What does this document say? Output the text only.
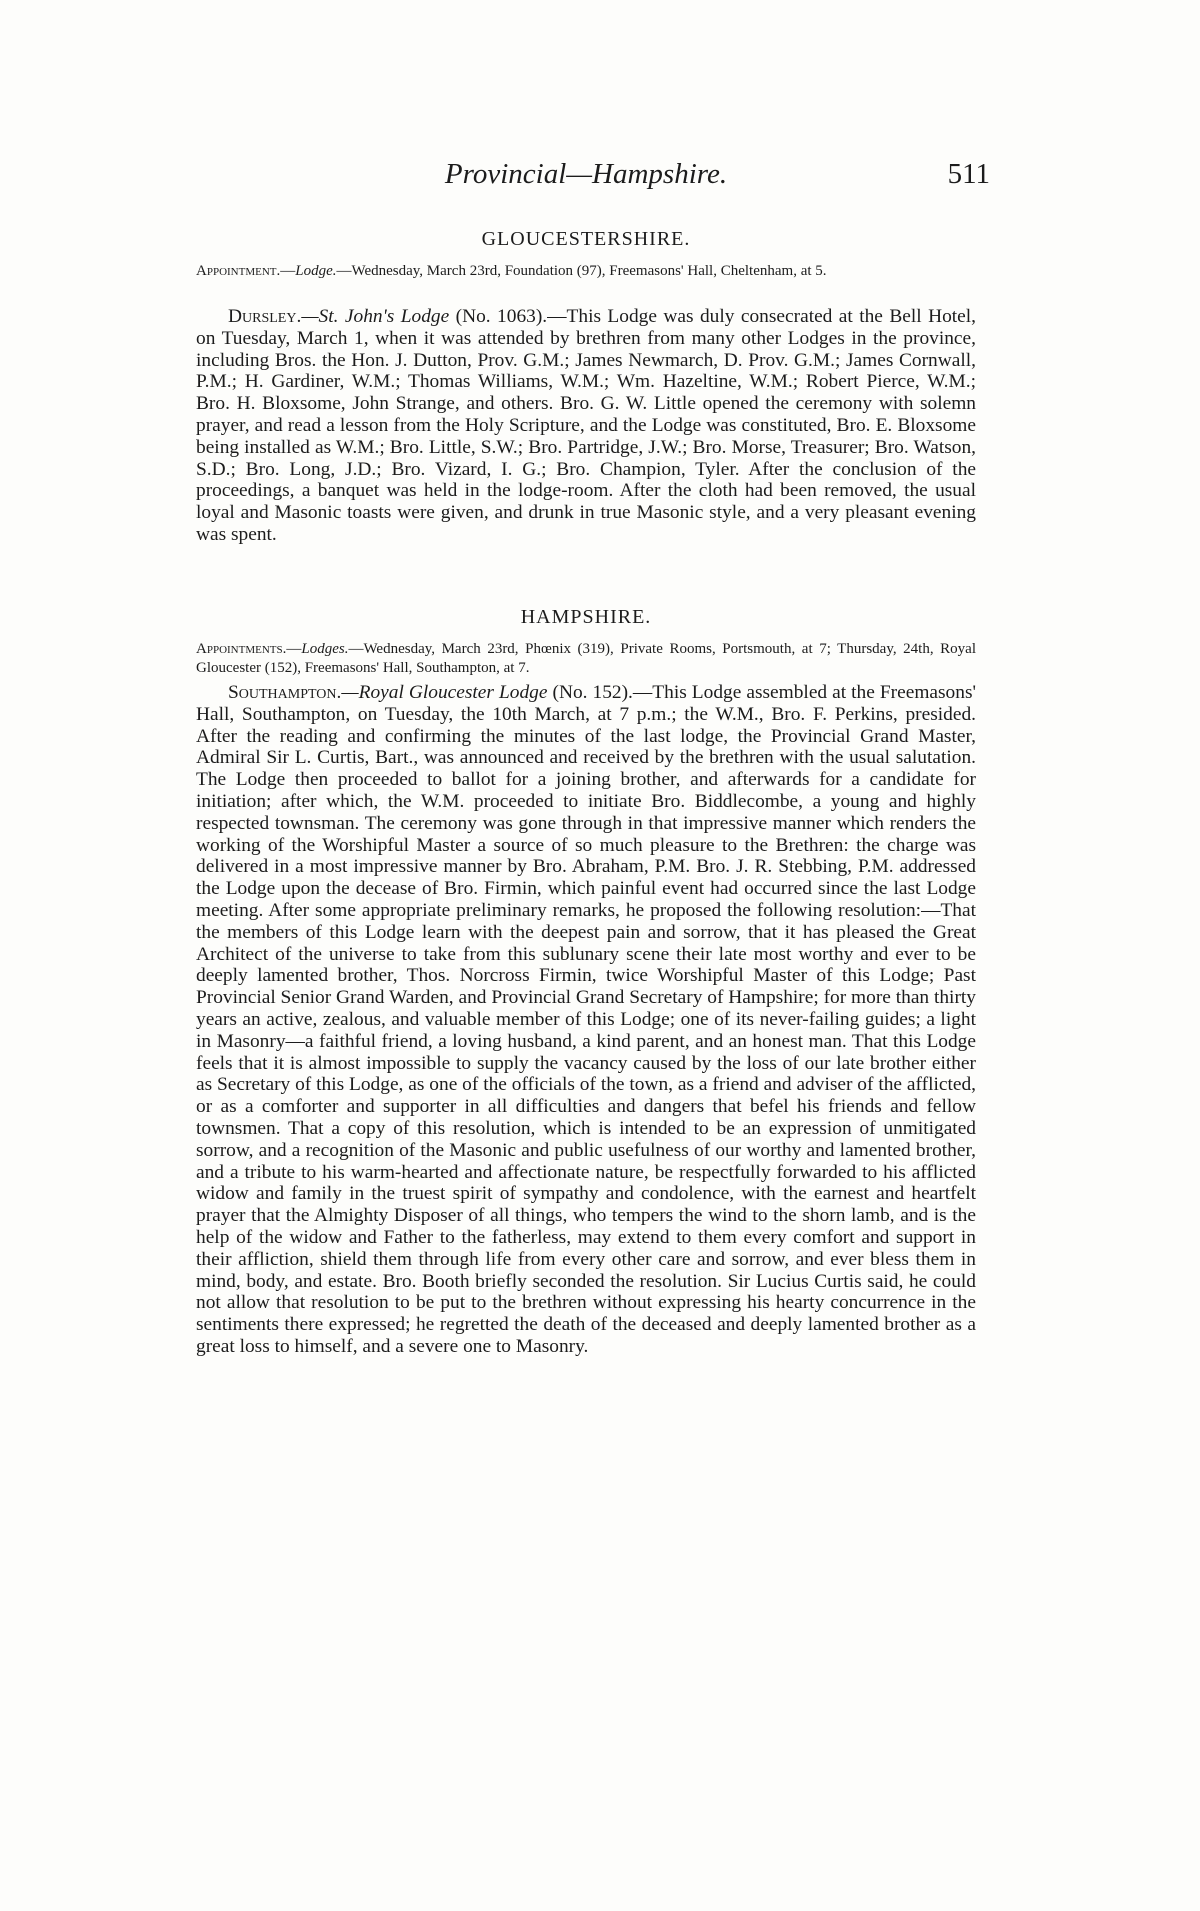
Provincial—Hampshire.	511
GLOUCESTERSHIRE.

Appointment.—Lodge.—Wednesday, March 23rd, Foundation (97), Freemasons' Hall, Cheltenham, at 5.

Dursley.—St. John's Lodge (No. 1063).—This Lodge was duly consecrated at the Bell Hotel, on Tuesday, March 1, when it was attended by brethren from many other Lodges in the province, including Bros. the Hon. J. Dutton, Prov. G.M.; James Newmarch, D. Prov. G.M.; James Cornwall, P.M.; H. Gardiner, W.M.; Thomas Williams, W.M.; Wm. Hazeltine, W.M.; Robert Pierce, W.M.; Bro. H. Bloxsome, John Strange, and others. Bro. G. W. Little opened the ceremony with solemn prayer, and read a lesson from the Holy Scripture, and the Lodge was constituted, Bro. E. Bloxsome being installed as W.M.; Bro. Little, S.W.; Bro. Partridge, J.W.; Bro. Morse, Treasurer; Bro. Watson, S.D.; Bro. Long, J.D.; Bro. Vizard, I. G.; Bro. Champion, Tyler. After the conclusion of the proceedings, a banquet was held in the lodge-room. After the cloth had been removed, the usual loyal and Masonic toasts were given, and drunk in true Masonic style, and a very pleasant evening was spent.

HAMPSHIRE.

Appointments.—Lodges.—Wednesday, March 23rd, Phœnix (319), Private Rooms, Portsmouth, at 7; Thursday, 24th, Royal Gloucester (152), Freemasons' Hall, Southampton, at 7.

Southampton.—Royal Gloucester Lodge (No. 152).—This Lodge assembled at the Freemasons' Hall, Southampton, on Tuesday, the 10th March, at 7 p.m.; the W.M., Bro. F. Perkins, presided. After the reading and confirming the minutes of the last lodge, the Provincial Grand Master, Admiral Sir L. Curtis, Bart., was announced and received by the brethren with the usual salutation. The Lodge then proceeded to ballot for a joining brother, and afterwards for a candidate for initiation; after which, the W.M. proceeded to initiate Bro. Biddlecombe, a young and highly respected townsman. The ceremony was gone through in that impressive manner which renders the working of the Worshipful Master a source of so much pleasure to the Brethren: the charge was delivered in a most impressive manner by Bro. Abraham, P.M. Bro. J. R. Stebbing, P.M. addressed the Lodge upon the decease of Bro. Firmin, which painful event had occurred since the last Lodge meeting. After some appropriate preliminary remarks, he proposed the following resolution:—That the members of this Lodge learn with the deepest pain and sorrow, that it has pleased the Great Architect of the universe to take from this sublunary scene their late most worthy and ever to be deeply lamented brother, Thos. Norcross Firmin, twice Worshipful Master of this Lodge; Past Provincial Senior Grand Warden, and Provincial Grand Secretary of Hampshire; for more than thirty years an active, zealous, and valuable member of this Lodge; one of its never-failing guides; a light in Masonry—a faithful friend, a loving husband, a kind parent, and an honest man. That this Lodge feels that it is almost impossible to supply the vacancy caused by the loss of our late brother either as Secretary of this Lodge, as one of the officials of the town, as a friend and adviser of the afflicted, or as a comforter and supporter in all difficulties and dangers that befel his friends and fellow townsmen. That a copy of this resolution, which is intended to be an expression of unmitigated sorrow, and a recognition of the Masonic and public usefulness of our worthy and lamented brother, and a tribute to his warm-hearted and affectionate nature, be respectfully forwarded to his afflicted widow and family in the truest spirit of sympathy and condolence, with the earnest and heartfelt prayer that the Almighty Disposer of all things, who tempers the wind to the shorn lamb, and is the help of the widow and Father to the fatherless, may extend to them every comfort and support in their affliction, shield them through life from every other care and sorrow, and ever bless them in mind, body, and estate. Bro. Booth briefly seconded the resolution. Sir Lucius Curtis said, he could not allow that resolution to be put to the brethren without expressing his hearty concurrence in the sentiments there expressed; he regretted the death of the deceased and deeply lamented brother as a great loss to himself, and a severe one to Masonry.
